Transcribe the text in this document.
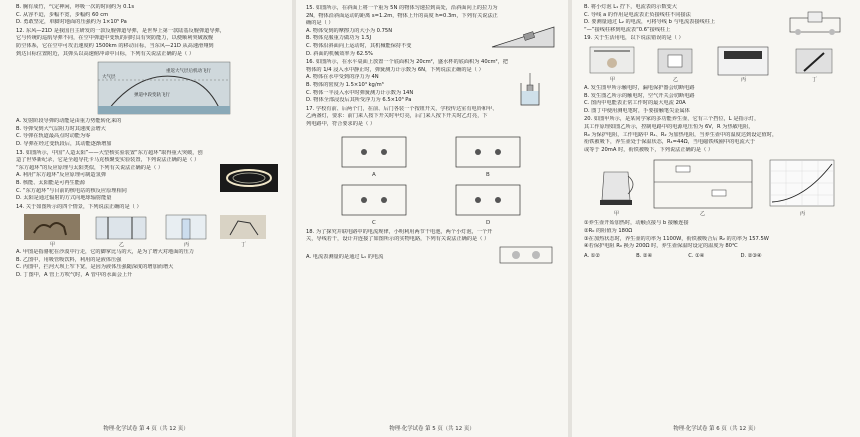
B. 胸有成竹，气定神闲，呼吸一次的时间约为 0.1s
C. 从容不迫，步幅不宽，步幅约 60 cm
D. 勇敢坚定，单脚对地面的压强约为 1×10⁵ Pa
12. 东风—21D 是我国自主研发的一款反舰弹道导弹，是世界上第一款陆基反舰弹道导弹，
它与传统的巡航导弹不同，在空中弹道中变轨的同时具有突防能力，以便顺利突破敌舰
防空体系，它在空中可攻击速度约 1500km 的移动目标，当东风—21D 从高速滑翔到
到达目标位置附近，其弹头以高速俯冲命中目标，下列有关说法正确的是（ ）
大气层
重返大气层后机动飞行
弹道中段变轨飞行
A. 发射阶段导弹的动能是由重力势能转化来的
B. 导弹受到大气层阻力时其速度会增大
C. 导弹在轨道最高点时动能为零
D. 导弹在经过变轨段后，其动能逐渐增加
13. 如图所示，中国“人造太阳”——大型核实验装置“东方超环”取得重大突破，创
造了世界新纪录，它是全超导托卡马克核聚变实验装置，下列说法正确的是（ ）
“东方超环”的反应原理与太阳类似，下列有关说法正确的是（ ）
A. 利用“东方超环”反应原理可制造氢弹
B. 核能、太阳能是可再生能源
C. “东方超环”与目前的核电站的核反应原理相同
D. 太阳是通过辐射的方式向地球辐射能量
14. 关于如图所示的四个情景，下列说法正确的是（ ）
甲	乙	丙	丁
A. 甲图是指骆驼在沙漠中行走，它的脚掌比马的大，是为了增大对地面的压力
B. 乙图中，用吸管吸饮料，利用的是液体压强
C. 丙图中，拦河大坝上窄下宽，是因为液体压强随深度的增加而增大
D. 丁图中，A 管上方吹气时，A 管中的水面会上升
物理·化学试卷 第 4 页（共 12 页）
15. 如图所示，在斜面上将一个重为 5N 的物体匀速拉到高处，沿斜面向上的拉力为
2N，物体沿斜面运动的距离 s=1.2m，物体上升的高度 h=0.3m，下列有关说法正
确的是（ ）
A. 物体受到的摩擦力的大小为 0.75N
B. 物体克服重力做功为 1.5J
C. 物体沿斜面向上运动时，其机械能保持不变
D. 斜面的机械效率为 62.5%
16. 如图所示，在水平桌面上放置一个底面积为 20cm²，盛水杯的底面积为 40cm²，把
物体的 1/4 浸入水中静止时，弹簧测力计示数为 6N，下列说法正确的是（ ）
A. 物体在水中受到的浮力为 4N
B. 物体的密度为 1.5×10³ kg/m³
C. 物体一半浸入水中时弹簧测力计示数为 14N
D. 物体全部浸没后其所受浮力为 6.5×10³ Pa
17. 学校有前、后两个门，在前、后门各装一个按钮开关，学校传达室有电铃和甲、
乙两盏灯，要求：前门来人按下开关时甲灯亮，后门来人按下开关时乙灯亮，下
列电路中，符合要求的是（ ）
A	B
C	D
18. 为了探究并联电路中的电流规律，小明利用两节干电池，两个小灯泡，一个开
关，导线若干，设计并连接了如图所示的实物电路，下列有关说法正确的是（ ）
A. 电流表测量的是通过 L₁ 的电流
物理·化学试卷 第 5 页（共 12 页）
B. 将小灯泡 L₁ 拧下，电流表的示数变大
C. 导线 a 的作用是电流表正负接线柱不同接法
D. 要测量通过 L₂ 的电流，可将导线 b 与电流表接线柱上
“—”接线柱移到电流表“0.6”接线柱上
19. 关于生活用电，以下说法错误的是（ ）
甲	乙	丙	丁
A. 发生图甲所示触电时，漏电保护器会切断电路
B. 发生图乙所示的触电时，空气开关会切断电路
C. 图丙中电能表正常工作时的最大电流 20A
D. 图丁中使用测电笔时，手要接触笔尖金属体
20. 如图甲所示，是某同学家的多功能养生壶，它有三个挡位，L 是指示灯，
其工作原理如图乙所示，控制电路中的电源电压恒为 6V，R 为热敏电阻，
R₀ 为保护电阻，工作电路中 R₁、R₂ 为加热电阻，当养生壶中的温度达到设定值时，
衔铁被吸下，养生壶处于保温状态，R₁=44Ω，当电磁铁线圈中的电流大于
或等于 20mA 时，衔铁被吸下，下列说法正确的是（ ）
甲	乙	丙
①养生壶开始加热时，动触点接与 b 接触连接
②R₀ 的阻值为 180Ω
③在加热状态时，养生壶的功率为 1100W，衔铁被吸合后 R₂ 的功率为 157.5W
④若保护电阻 R₀ 换为 200Ω 时，养生壶保温时设定的温度为 80℃
A. ①②	B. ②④	C. ①④	D. ②③④
物理·化学试卷 第 6 页（共 12 页）
